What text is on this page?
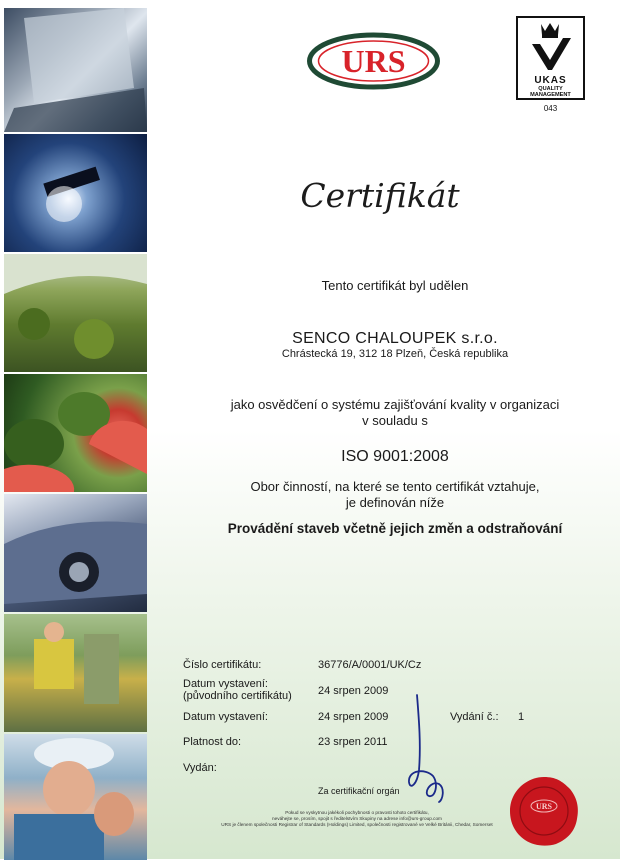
URS
UKAS
QUALITY
MANAGEMENT
043
Certifikát
Tento certifikát byl udělen
SENCO CHALOUPEK s.r.o.
Chrástecká 19, 312 18 Plzeň, Česká republika
jako osvědčení o systému zajišťování kvality v organizaci
v souladu s
ISO 9001:2008
Obor činností, na které se tento certifikát vztahuje,
je definován níže
Provádění staveb včetně jejich změn a odstraňování
Číslo certifikátu:	36776/A/0001/UK/Cz
Datum vystavení:
(původního certifikátu) 24 srpen 2009
Datum vystavení:	24 srpen 2009	Vydání č.: 1
Platnost do:	23 srpen 2011
Vydán:
Za certifikační orgán
Pokud se vyskytnou jakékoli pochybnosti o pravosti tohoto certifikátu,
neváhejte se, prosím, spojit s ředitelstvím Skupiny na adrese info@urs-group.com
URS je členem společnosti Registrar of Standards (Holdings) Limited, společnosti registrované ve Velké Británii, Chedar, Somerset
URS
